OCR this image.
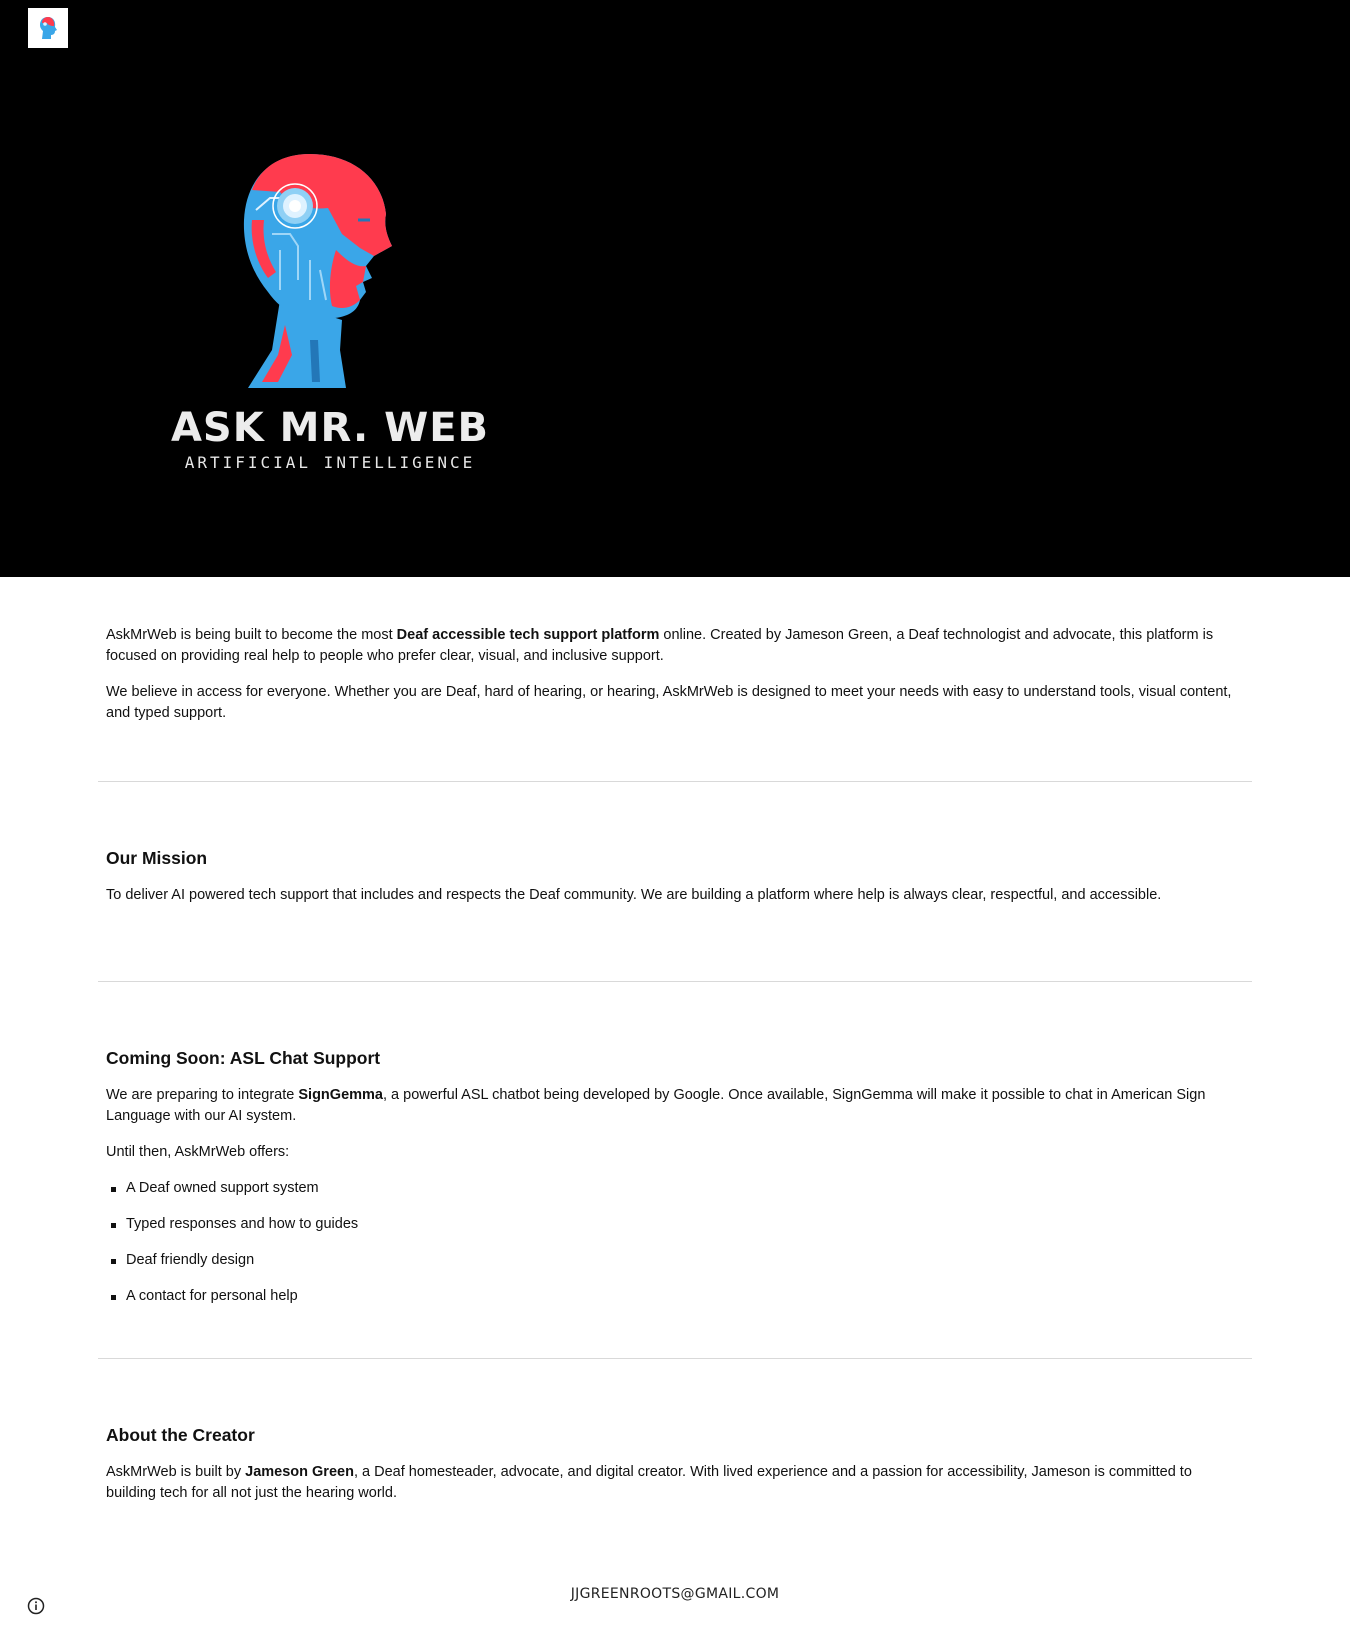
ASK MR. WEB
ARTIFICIAL INTELLIGENCE

AskMrWeb is being built to become the most Deaf accessible tech support platform online. Created by Jameson Green, a Deaf technologist and advocate, this platform is focused on providing real help to people who prefer clear, visual, and inclusive support.

We believe in access for everyone. Whether you are Deaf, hard of hearing, or hearing, AskMrWeb is designed to meet your needs with easy to understand tools, visual content, and typed support.

Our Mission

To deliver AI powered tech support that includes and respects the Deaf community. We are building a platform where help is always clear, respectful, and accessible.

Coming Soon: ASL Chat Support

We are preparing to integrate SignGemma, a powerful ASL chatbot being developed by Google. Once available, SignGemma will make it possible to chat in American Sign Language with our AI system.

Until then, AskMrWeb offers:

A Deaf owned support system
Typed responses and how to guides
Deaf friendly design
A contact for personal help
About the Creator

AskMrWeb is built by Jameson Green, a Deaf homesteader, advocate, and digital creator. With lived experience and a passion for accessibility, Jameson is committed to building tech for all not just the hearing world.

JJGREENROOTS@GMAIL.COM
